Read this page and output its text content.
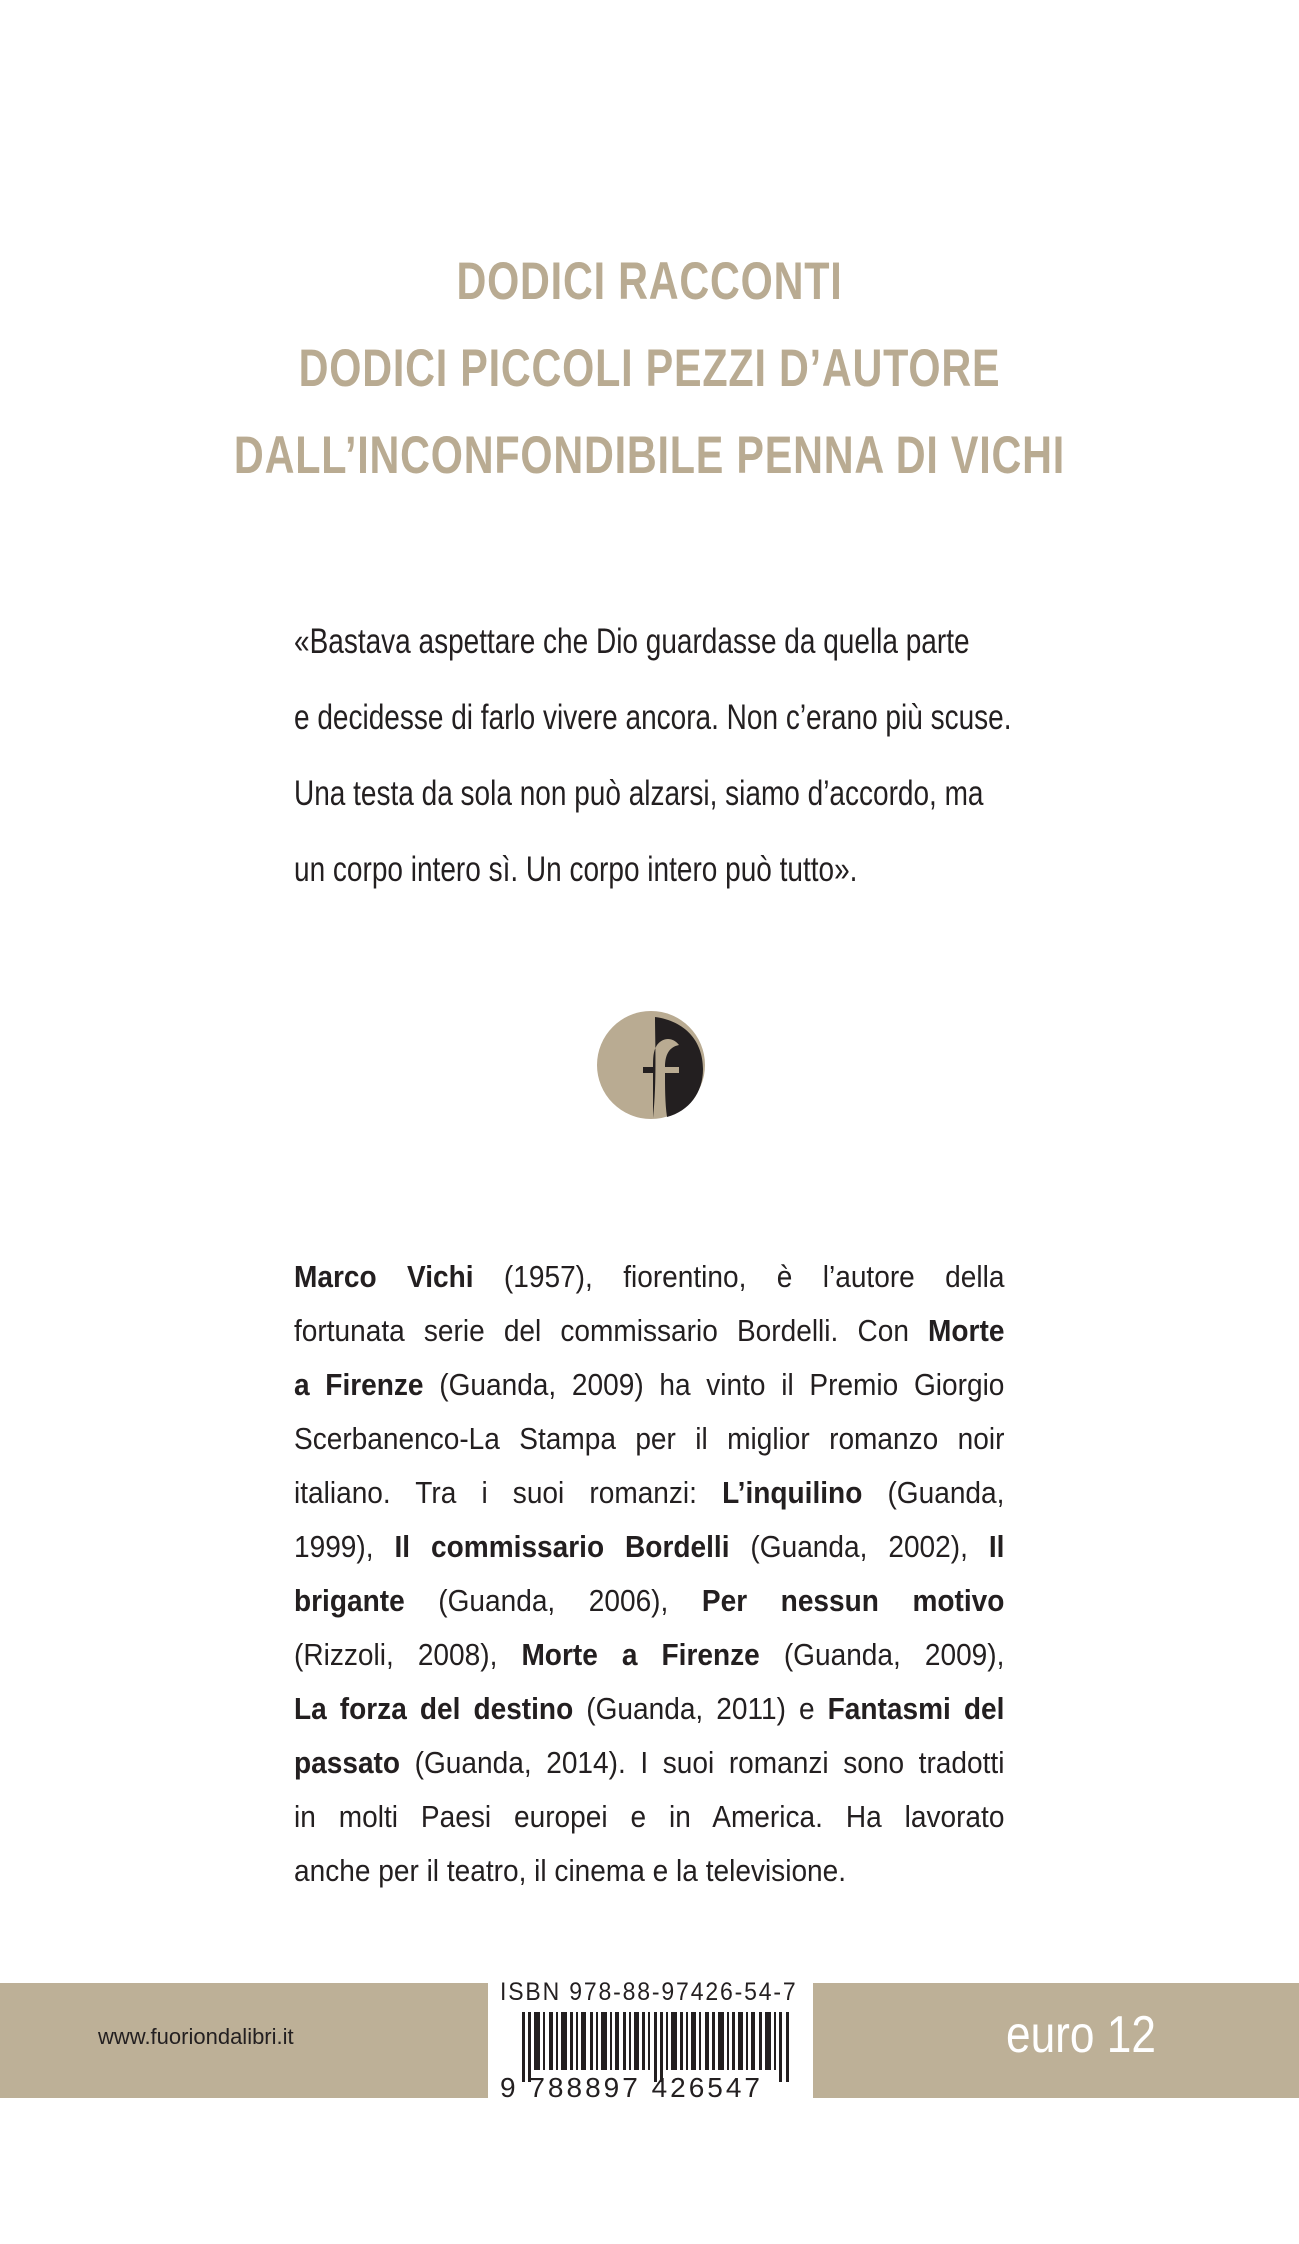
DODICI RACCONTI
DODICI PICCOLI PEZZI D’AUTORE
DALL’INCONFONDIBILE PENNA DI VICHI
«Bastava aspettare che Dio guardasse da quella parte
e decidesse di farlo vivere ancora. Non c’erano più scuse.
Una testa da sola non può alzarsi, siamo d’accordo, ma
un corpo intero sì. Un corpo intero può tutto».

Marco Vichi (1957), fiorentino, è l’autore della

fortunata serie del commissario Bordelli. Con Morte

a Firenze (Guanda, 2009) ha vinto il Premio Giorgio

Scerbanenco-La Stampa per il miglior romanzo noir

italiano. Tra i suoi romanzi: L’inquilino (Guanda,

1999), Il commissario Bordelli (Guanda, 2002), Il

brigante (Guanda, 2006), Per nessun motivo

(Rizzoli, 2008), Morte a Firenze (Guanda, 2009),

La forza del destino (Guanda, 2011) e Fantasmi del

passato (Guanda, 2014). I suoi romanzi sono tradotti

in molti Paesi europei e in America. Ha lavorato

anche per il teatro, il cinema e la televisione.

www.fuoriondalibri.it	euro 12
ISBN 978-88-97426-54-7
9 788897 426547
